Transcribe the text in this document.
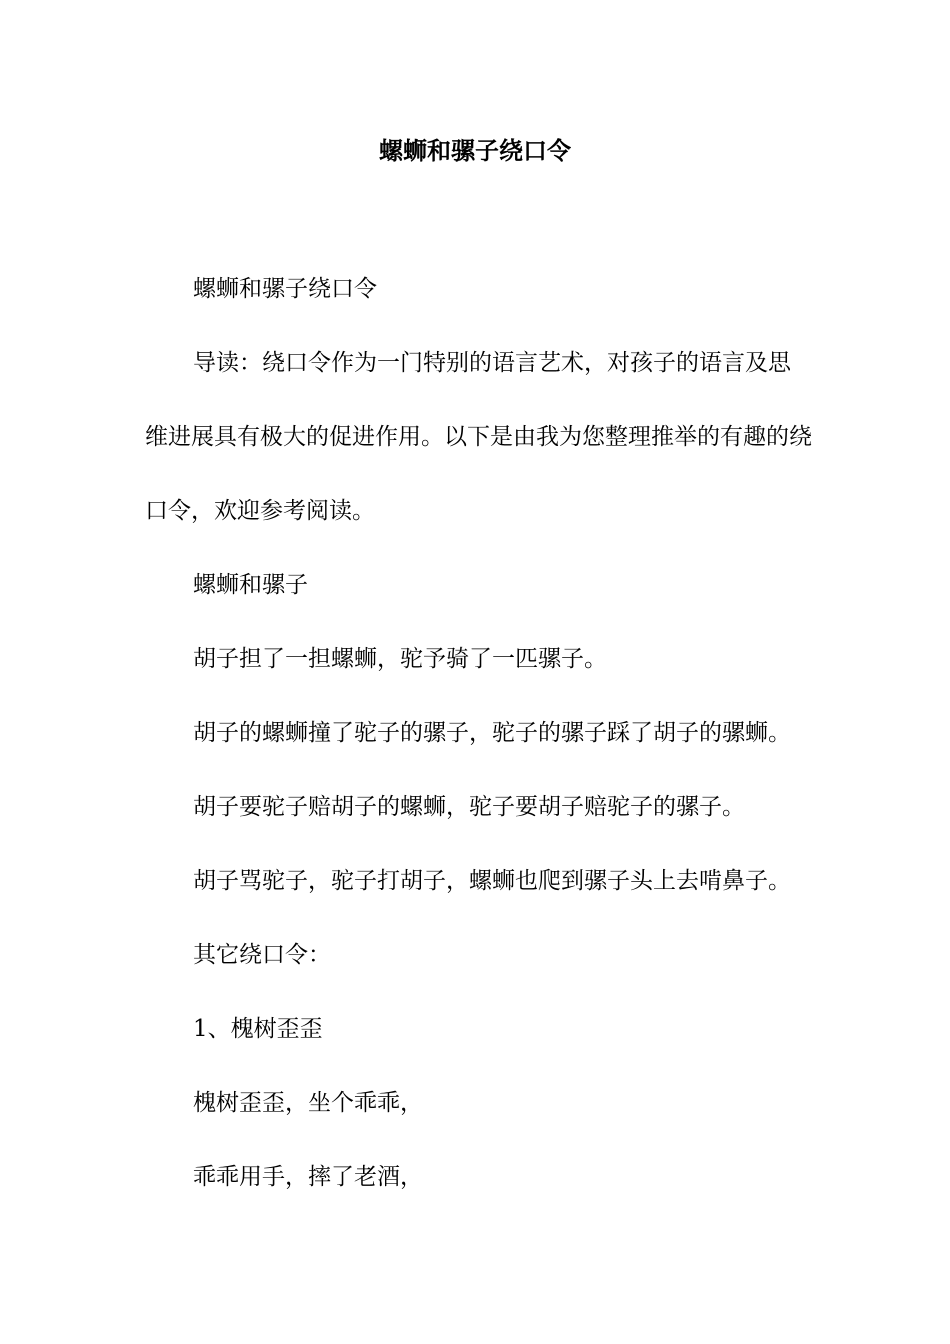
螺蛳和骡子绕口令

螺蛳和骡子绕口令

导读：绕口令作为一门特别的语言艺术，对孩子的语言及思维进展具有极大的促进作用。以下是由我为您整理推举的有趣的绕口令，欢迎参考阅读。

螺蛳和骡子

胡子担了一担螺蛳，驼予骑了一匹骡子。

胡子的螺蛳撞了驼子的骡子，驼子的骡子踩了胡子的骡蛳。

胡子要驼子赔胡子的螺蛳，驼子要胡子赔驼子的骡子。

胡子骂驼子，驼子打胡子，螺蛳也爬到骡子头上去啃鼻子。

其它绕口令：

1、槐树歪歪

槐树歪歪，坐个乖乖，

乖乖用手，摔了老酒，
